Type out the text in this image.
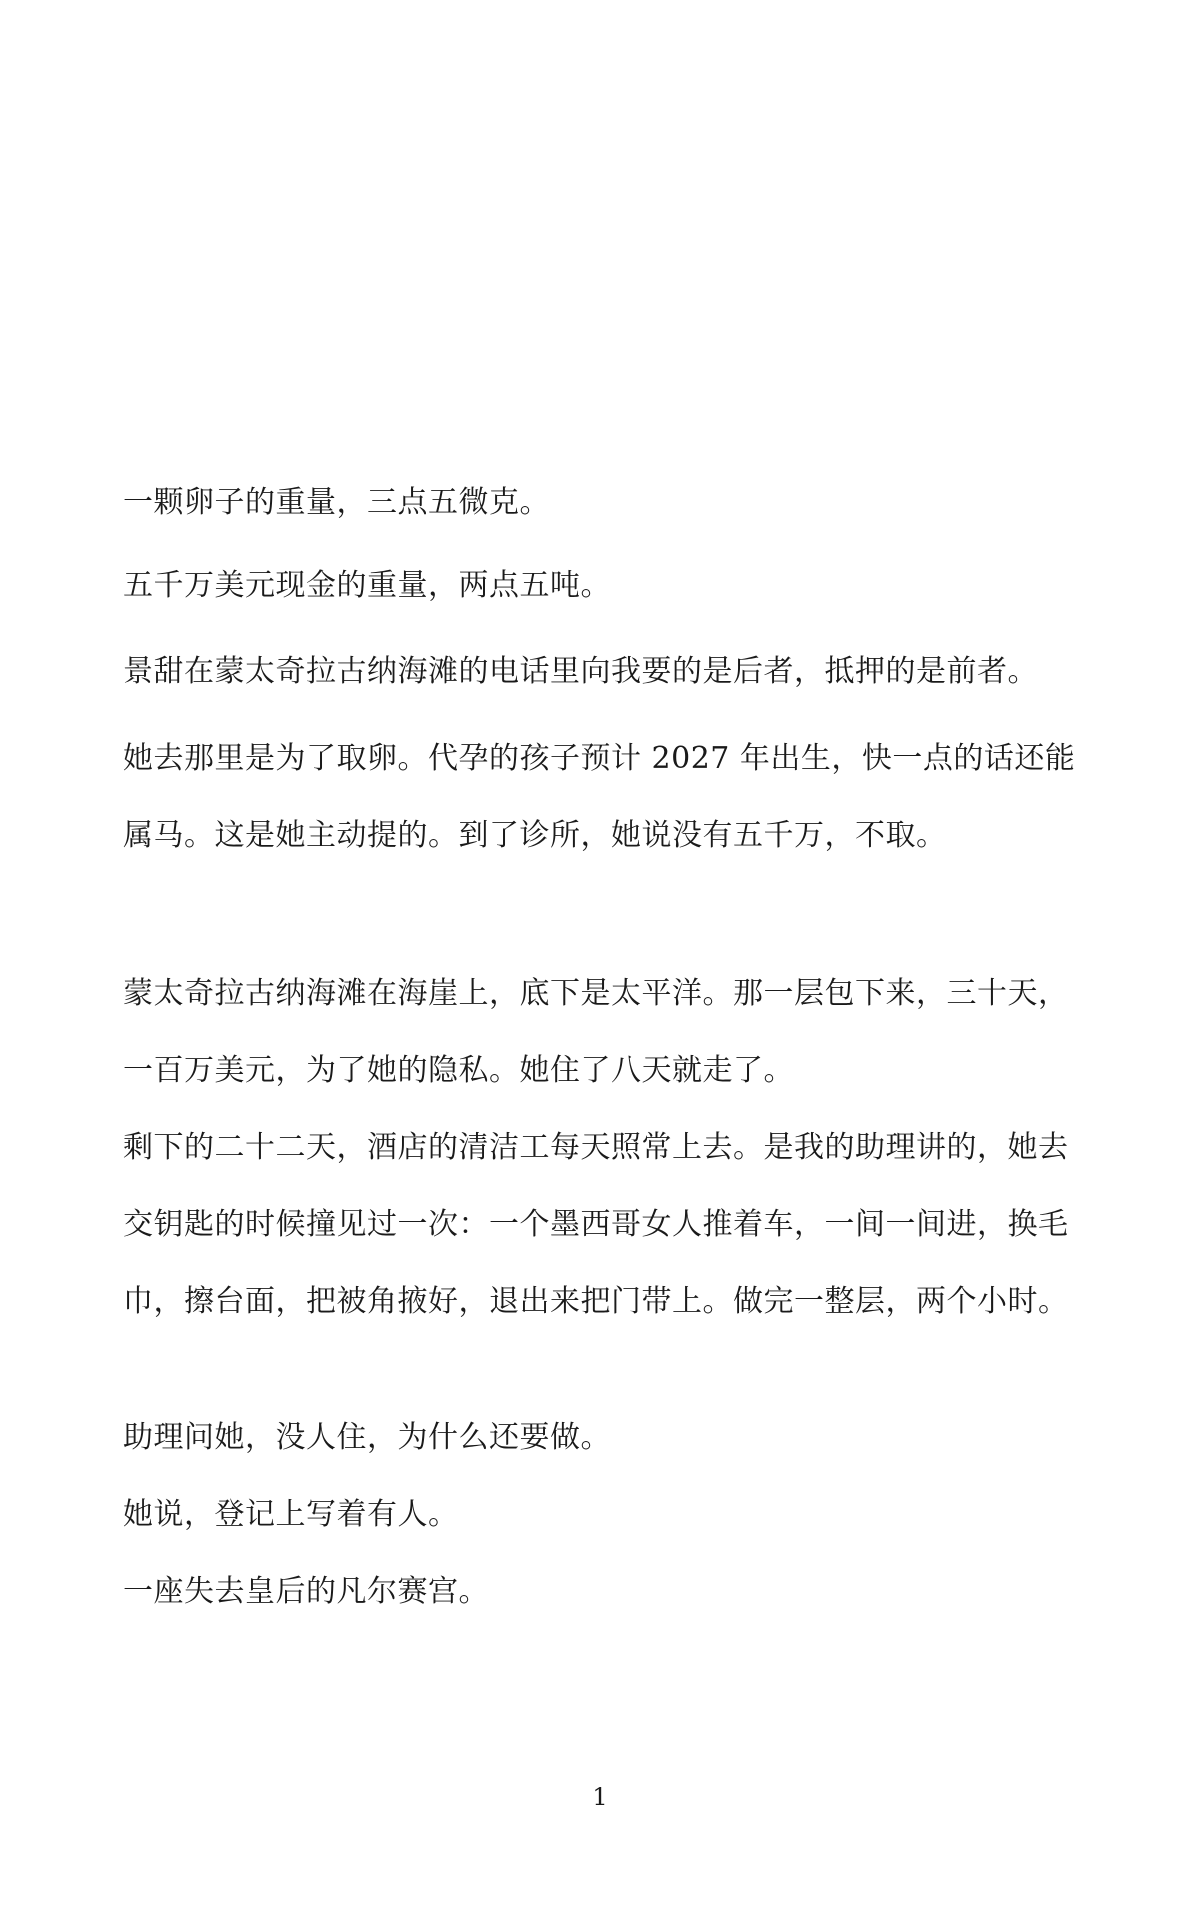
一颗卵子的重量，三点五微克。

五千万美元现金的重量，两点五吨。

景甜在蒙太奇拉古纳海滩的电话里向我要的是后者，抵押的是前者。

她去那里是为了取卵。代孕的孩子预计 2027 年出生，快一点的话还能属马。这是她主动提的。到了诊所，她说没有五千万，不取。

蒙太奇拉古纳海滩在海崖上，底下是太平洋。那一层包下来，三十天，一百万美元，为了她的隐私。她住了八天就走了。

剩下的二十二天，酒店的清洁工每天照常上去。是我的助理讲的，她去交钥匙的时候撞见过一次：一个墨西哥女人推着车，一间一间进，换毛巾，擦台面，把被角掖好，退出来把门带上。做完一整层，两个小时。

助理问她，没人住，为什么还要做。

她说，登记上写着有人。

一座失去皇后的凡尔赛宫。

1
